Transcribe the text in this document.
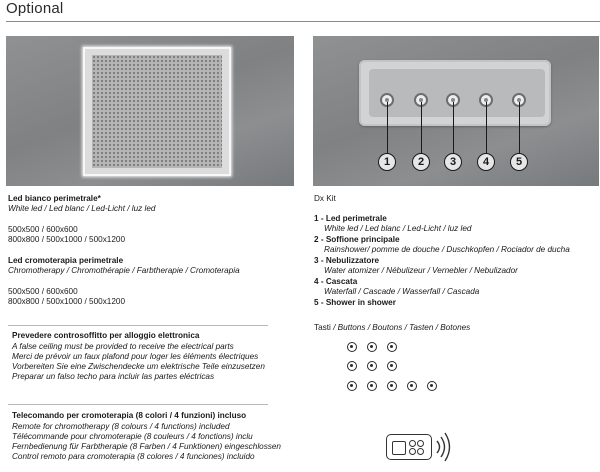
Optional
1	2	3	4	5
Led bianco perimetrale*
White led / Led blanc / Led-Licht / luz led
500x500 / 600x600
800x800 / 500x1000 / 500x1200
Led cromoterapia perimetrale
Chromotherapy / Chromothérapie / Farbtherapie / Cromoterapia
500x500 / 600x600
800x800 / 500x1000 / 500x1200
Prevedere controsoffitto per alloggio elettronica
A false ceiling must be provided to receive the electrical parts
Merci de prévoir un faux plafond pour loger les éléments électriques
Vorbereiten Sie eine Zwischendecke um elektrische Teile einzusetzen
Preparar un falso techo para incluir las partes eléctricas
Telecomando per cromoterapia (8 colori / 4 funzioni) incluso
Remote for chromotherapy (8 colours / 4 functions) included
Télécommande pour chromoterapie (8 couleurs / 4 fonctions) inclu
Fernbedienung für Farbtherapie (8 Farben / 4 Funktionen) eingeschlossen
Control remoto para cromoterapia (8 colores / 4 funciones) incluido
Dx Kit
1 - Led perimetrale
White led / Led blanc / Led-Licht / luz led
2 - Soffione principale
Rainshower/ pomme de douche / Duschkopfen / Rociador de ducha
3 - Nebulizzatore
Water atomizer / Nébulizeur / Vernebler / Nebulizador
4 - Cascata
Waterfall / Cascade / Wasserfall / Cascada
5 - Shower in shower
Tasti / Buttons / Boutons / Tasten / Botones
